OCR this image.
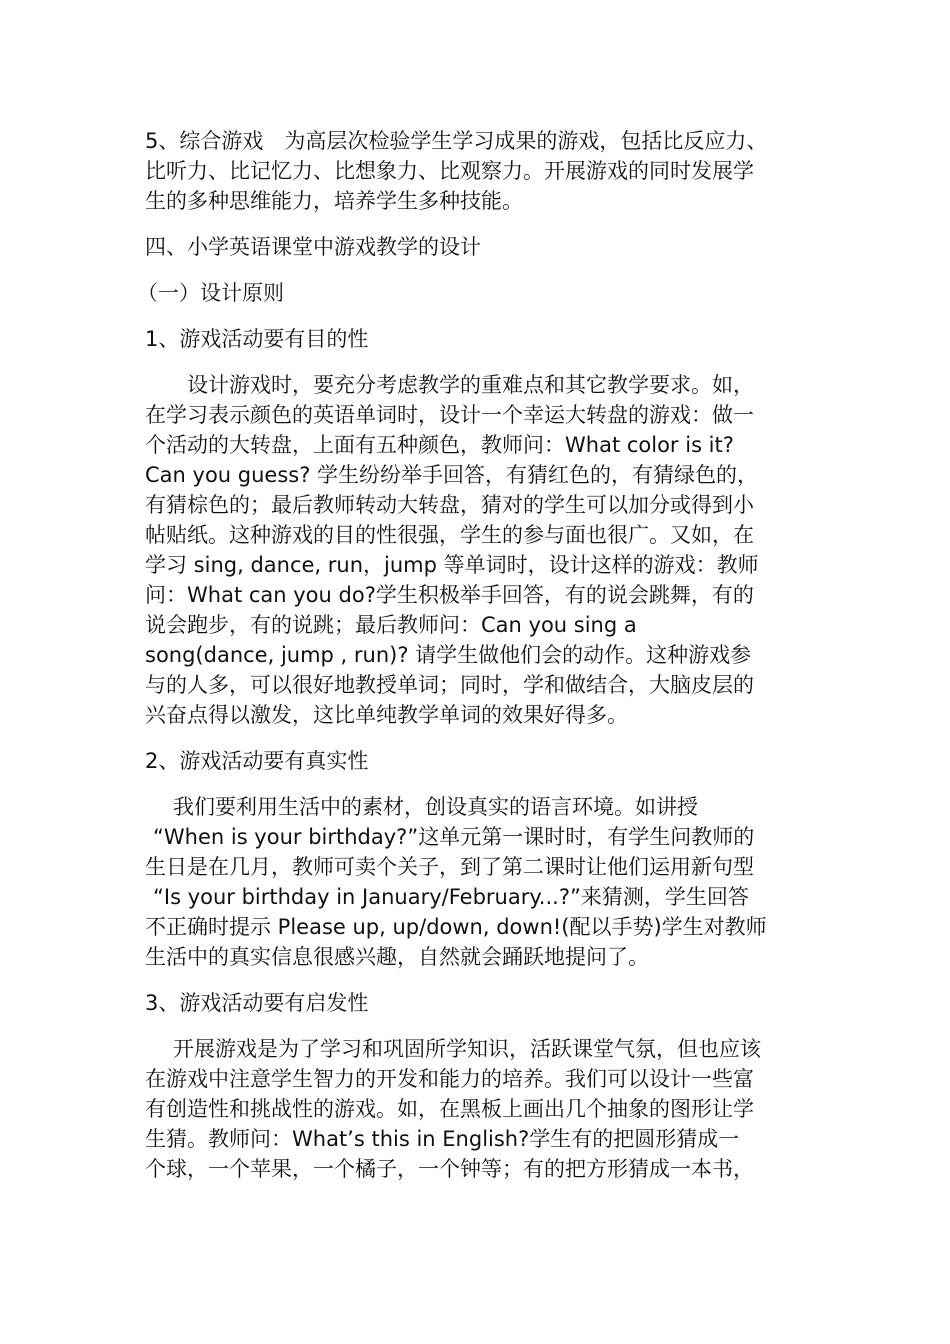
5、综合游戏　为高层次检验学生学习成果的游戏，包括比反应力、
比听力、比记忆力、比想象力、比观察力。开展游戏的同时发展学
生的多种思维能力，培养学生多种技能。
四、小学英语课堂中游戏教学的设计
（一）设计原则
1、游戏活动要有目的性
设计游戏时，要充分考虑教学的重难点和其它教学要求。如，
在学习表示颜色的英语单词时，设计一个幸运大转盘的游戏：做一
个活动的大转盘，上面有五种颜色，教师问：What color is it?
Can you guess? 学生纷纷举手回答，有猜红色的，有猜绿色的，
有猜棕色的；最后教师转动大转盘，猜对的学生可以加分或得到小
帖贴纸。这种游戏的目的性很强，学生的参与面也很广。又如，在
学习 sing, dance, run，jump 等单词时，设计这样的游戏：教师
问：What can you do?学生积极举手回答，有的说会跳舞，有的
说会跑步，有的说跳；最后教师问：Can you sing a
song(dance, jump , run)? 请学生做他们会的动作。这种游戏参
与的人多，可以很好地教授单词；同时，学和做结合，大脑皮层的
兴奋点得以激发，这比单纯教学单词的效果好得多。
2、游戏活动要有真实性
我们要利用生活中的素材，创设真实的语言环境。如讲授
“When is your birthday?”这单元第一课时时，有学生问教师的
生日是在几月，教师可卖个关子，到了第二课时让他们运用新句型
“Is your birthday in January/February...?”来猜测，学生回答
不正确时提示 Please up, up/down, down!(配以手势)学生对教师
生活中的真实信息很感兴趣，自然就会踊跃地提问了。
3、游戏活动要有启发性
开展游戏是为了学习和巩固所学知识，活跃课堂气氛，但也应该
在游戏中注意学生智力的开发和能力的培养。我们可以设计一些富
有创造性和挑战性的游戏。如，在黑板上画出几个抽象的图形让学
生猜。教师问：What’s this in English?学生有的把圆形猜成一
个球，一个苹果，一个橘子，一个钟等；有的把方形猜成一本书，
